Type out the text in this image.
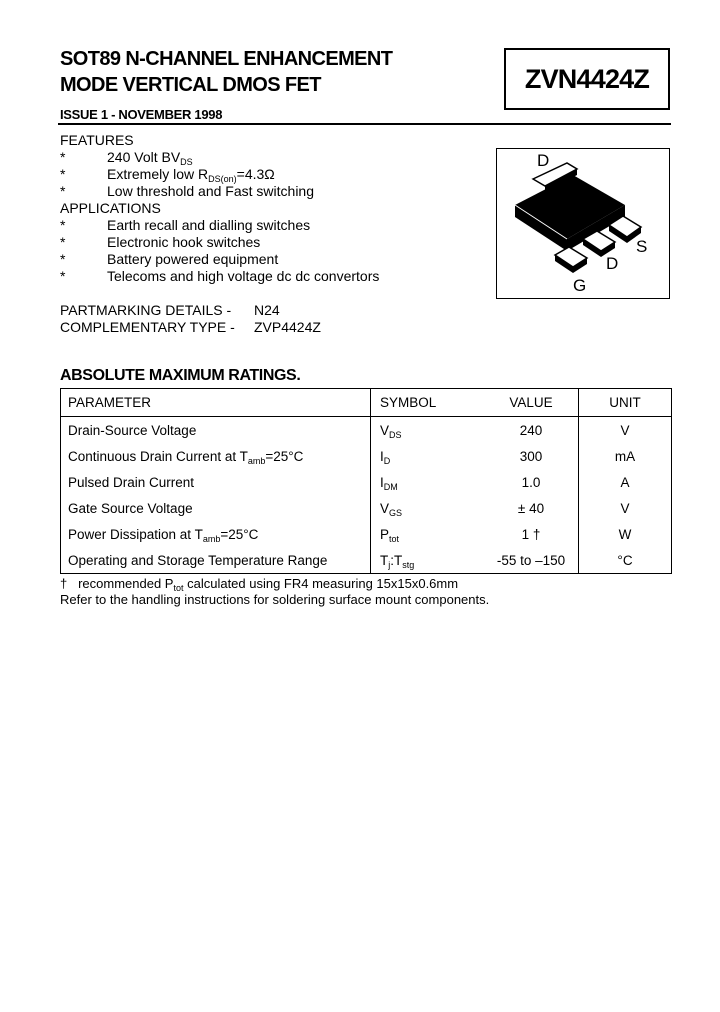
SOT89 N-CHANNEL ENHANCEMENT
MODE VERTICAL DMOS FET	ZVN4424Z
ISSUE 1 - NOVEMBER 1998
FEATURES
*	240 Volt $BV_{DS}$
*	Extremely low $R_{DS(on)}=4.3\Omega$
*	Low threshold and Fast switching
APPLICATIONS
*	Earth recall and dialling switches
*	Electronic hook switches
*	Battery powered equipment
*	Telecoms and high voltage dc dc convertors
PARTMARKING DETAILS - N24
COMPLEMENTARY TYPE - ZVP4424Z
D
S
D
G
ABSOLUTE MAXIMUM RATINGS.
PARAMETER	SYMBOL	VALUE	UNIT
Drain-Source Voltage	$V_{DS}$	240	V
Continuous Drain Current at $T_{amb}=25^\circ C$	$I_D$	300	mA
Pulsed Drain Current	$I_{DM}$	1.0	A
Gate Source Voltage	$V_{GS}$	± 40	V
Power Dissipation at $T_{amb}=25^\circ C$	$P_{tot}$	1 †	W
Operating and Storage Temperature Range	$T_j:T_{stg}$	-55 to –150	°C
† recommended $P_{tot}$ calculated using FR4 measuring 15x15x0.6mm
Refer to the handling instructions for soldering surface mount components.
